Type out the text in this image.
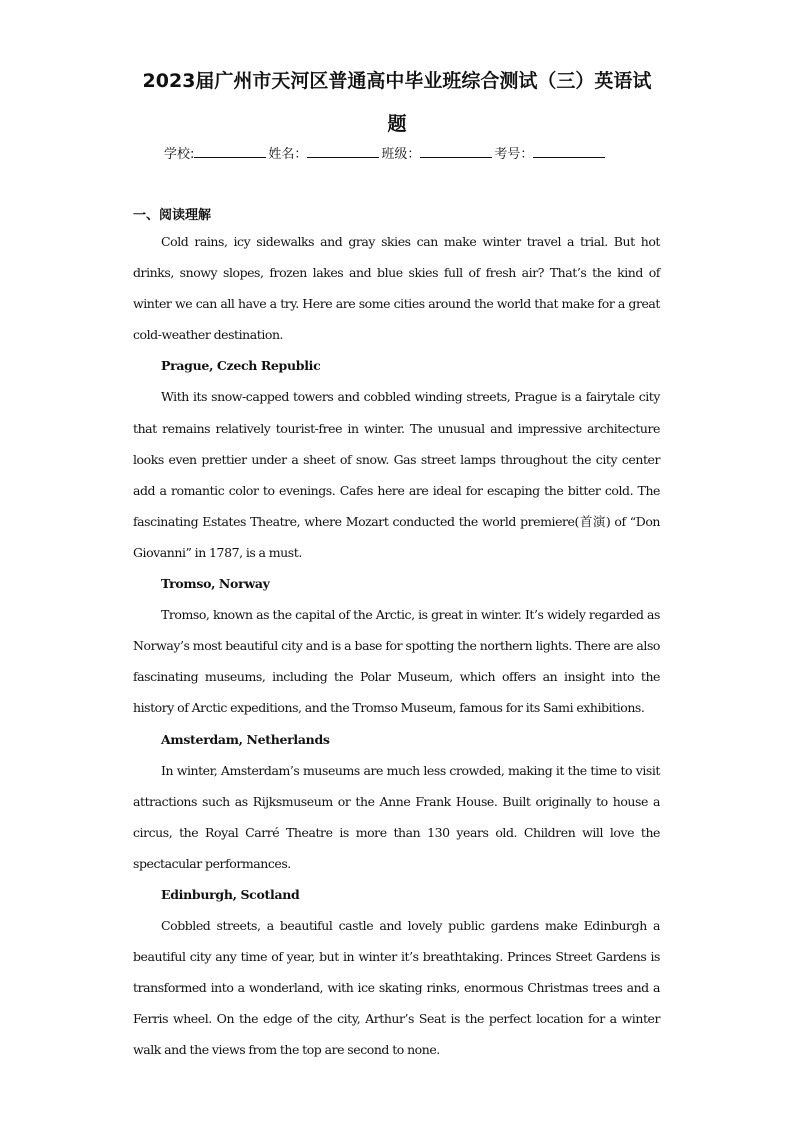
2023届广州市天河区普通高中毕业班综合测试（三）英语试
题
学校:	姓名：	班级：	考号：
一、阅读理解

Cold rains, icy sidewalks and gray skies can make winter travel a trial. But hot drinks, snowy slopes, frozen lakes and blue skies full of fresh air? That’s the kind of winter we can all have a try. Here are some cities around the world that make for a great cold-weather destination.

Prague, Czech Republic

With its snow-capped towers and cobbled winding streets, Prague is a fairytale city that remains relatively tourist-free in winter. The unusual and impressive architecture looks even prettier under a sheet of snow. Gas street lamps throughout the city center add a romantic color to evenings. Cafes here are ideal for escaping the bitter cold. The fascinating Estates Theatre, where Mozart conducted the world premiere(首演) of “Don Giovanni” in 1787, is a must.

Tromso, Norway

Tromso, known as the capital of the Arctic, is great in winter. It’s widely regarded as Norway’s most beautiful city and is a base for spotting the northern lights. There are also fascinating museums, including the Polar Museum, which offers an insight into the history of Arctic expeditions, and the Tromso Museum, famous for its Sami exhibitions.

Amsterdam, Netherlands

In winter, Amsterdam’s museums are much less crowded, making it the time to visit attractions such as Rijksmuseum or the Anne Frank House. Built originally to house a circus, the Royal Carré Theatre is more than 130 years old. Children will love the spectacular performances.

Edinburgh, Scotland

Cobbled streets, a beautiful castle and lovely public gardens make Edinburgh a beautiful city any time of year, but in winter it’s breathtaking. Princes Street Gardens is transformed into a wonderland, with ice skating rinks, enormous Christmas trees and a Ferris wheel. On the edge of the city, Arthur’s Seat is the perfect location for a winter walk and the views from the top are second to none.
